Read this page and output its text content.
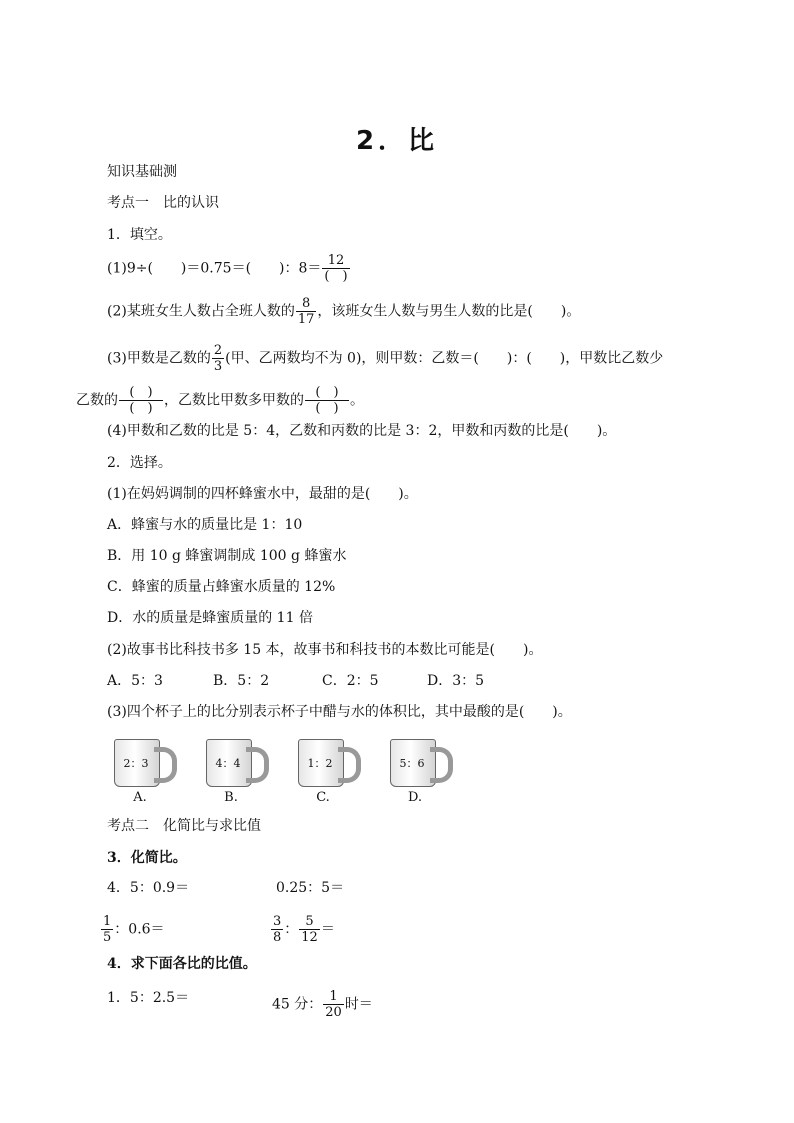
2．比
知识基础测
考点一　比的认识
1．填空。
(1)9÷(　　)＝0.75＝(　　)：$8= \frac{12}{( )}$
(2)某班女生人数占全班人数的 $\frac{8}{17}$ ，该班女生人数与男生人数的比是(　　)。
(3)甲数是乙数的 $\frac{2}{3}$ (甲、乙两数均不为 0)，则甲数：乙数＝(　　)：(　　)，甲数比乙数少
乙数的 $\frac{( )}{( )}$ ，乙数比甲数多甲数的 $\frac{( )}{( )}$ 。
(4)甲数和乙数的比是 5：4，乙数和丙数的比是 3：2，甲数和丙数的比是(　　)。
2．选择。
(1)在妈妈调制的四杯蜂蜜水中，最甜的是(　　)。
A．蜂蜜与水的质量比是 1：10
B．用 10 g 蜂蜜调制成 100 g 蜂蜜水
C．蜂蜜的质量占蜂蜜水质量的 12%
D．水的质量是蜂蜜质量的 11 倍
(2)故事书比科技书多 15 本，故事书和科技书的本数比可能是(　　)。
A．5：3	B．5：2	C．2：5	D．3：5
(3)四个杯子上的比分别表示杯子中醋与水的体积比，其中最酸的是(　　)。
2：3
A.
4：4
B.
1：2
C.
5：6
D.
考点二　化简比与求比值
3．化简比。
4．5：0.9＝	0.25：5＝
$\frac{1}{5}$ ：0.6＝	$\frac{3}{8}$ ： $\frac{5}{12}$ ＝
4．求下面各比的比值。
1．5：2.5＝	45 分： $\frac{1}{20}$ 时＝
